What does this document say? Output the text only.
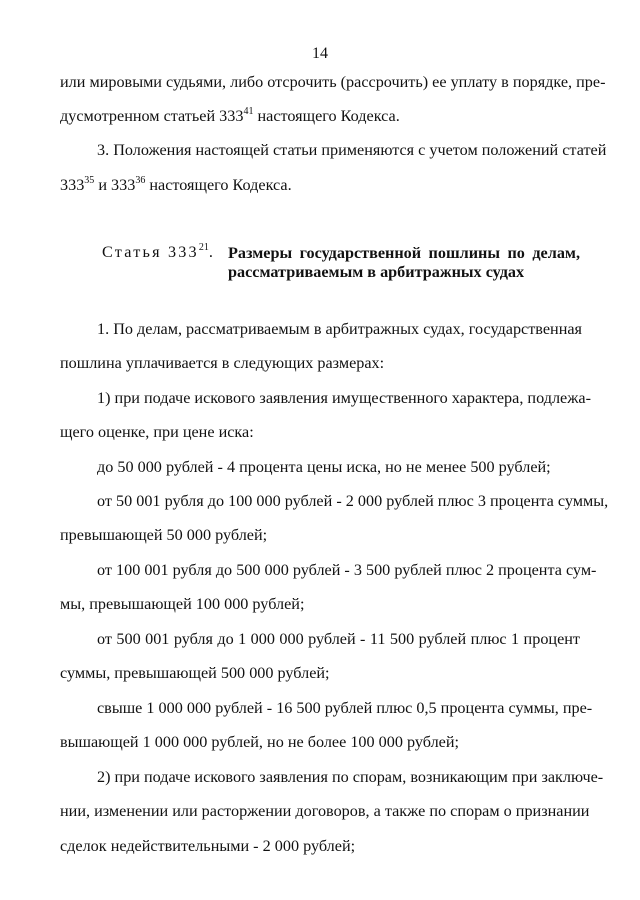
14
или мировыми судьями, либо отсрочить (рассрочить) ее уплату в порядке, пре-
дусмотренном статьей $333^{41}$ настоящего Кодекса.
3. Положения настоящей статьи применяются с учетом положений статей
$333^{35}$ и $333^{36}$ настоящего Кодекса.
Статья $333^{21}$. Размеры государственной пошлины по делам,
рассматриваемым в арбитражных судах
1. По делам, рассматриваемым в арбитражных судах, государственная
пошлина уплачивается в следующих размерах:
1) при подаче искового заявления имущественного характера, подлежа-
щего оценке, при цене иска:
до 50 000 рублей - 4 процента цены иска, но не менее 500 рублей;
от 50 001 рубля до 100 000 рублей - 2 000 рублей плюс 3 процента суммы,
превышающей 50 000 рублей;
от 100 001 рубля до 500 000 рублей - 3 500 рублей плюс 2 процента сум-
мы, превышающей 100 000 рублей;
от 500 001 рубля до 1 000 000 рублей - 11 500 рублей плюс 1 процент
суммы, превышающей 500 000 рублей;
свыше 1 000 000 рублей - 16 500 рублей плюс 0,5 процента суммы, пре-
вышающей 1 000 000 рублей, но не более 100 000 рублей;
2) при подаче искового заявления по спорам, возникающим при заключе-
нии, изменении или расторжении договоров, а также по спорам о признании
сделок недействительными - 2 000 рублей;
